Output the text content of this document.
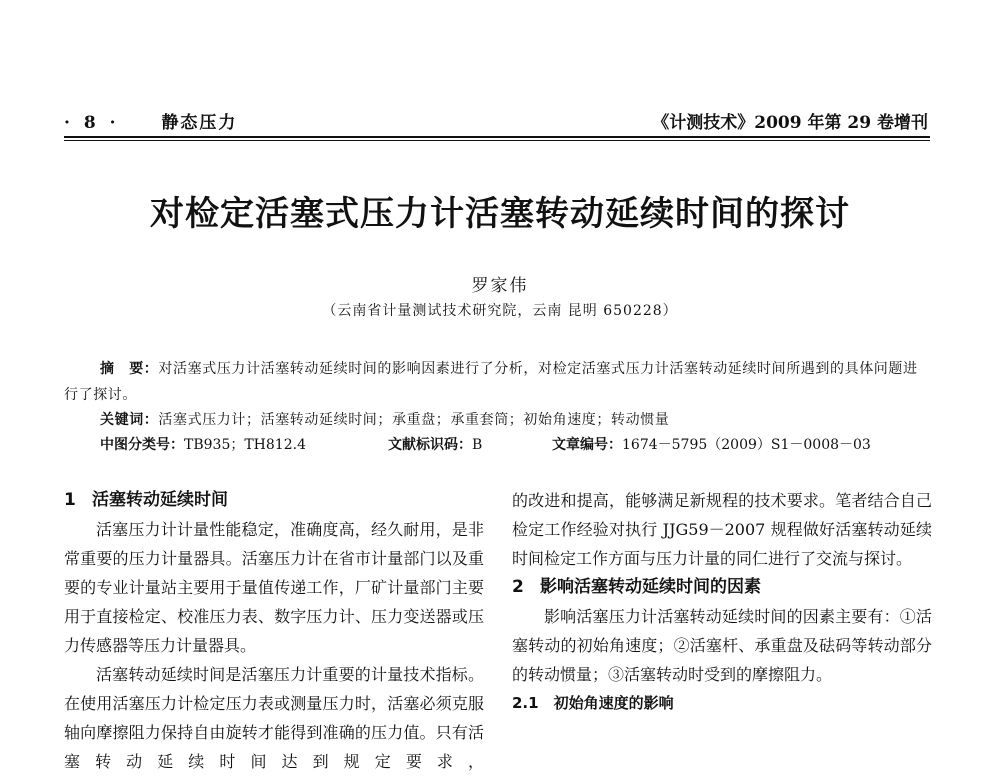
· 8 · 静态压力	《计测技术》2009 年第 29 卷增刊
对检定活塞式压力计活塞转动延续时间的探讨
罗家伟
（云南省计量测试技术研究院，云南 昆明 650228）
摘　要：对活塞式压力计活塞转动延续时间的影响因素进行了分析，对检定活塞式压力计活塞转动延续时间所遇到的具体问题进行了探讨。
关键词：活塞式压力计；活塞转动延续时间；承重盘；承重套筒；初始角速度；转动惯量
中图分类号：TB935；TH812.4	文献标识码：B	文章编号：1674－5795（2009）S1－0008－03
1 活塞转动延续时间

活塞压力计计量性能稳定，准确度高，经久耐用，是非常重要的压力计量器具。活塞压力计在省市计量部门以及重要的专业计量站主要用于量值传递工作，厂矿计量部门主要用于直接检定、校准压力表、数字压力计、压力变送器或压力传感器等压力计量器具。

活塞转动延续时间是活塞压力计重要的计量技术指标。在使用活塞压力计检定压力表或测量压力时，活塞必须克服轴向摩擦阻力保持自由旋转才能得到准确的压力值。只有活塞转动延续时间达到规定要求，

的改进和提高，能够满足新规程的技术要求。笔者结合自己检定工作经验对执行 JJG59－2007 规程做好活塞转动延续时间检定工作方面与压力计量的同仁进行了交流与探讨。

2 影响活塞转动延续时间的因素

影响活塞压力计活塞转动延续时间的因素主要有：①活塞转动的初始角速度；②活塞杆、承重盘及砝码等转动部分的转动惯量；③活塞转动时受到的摩擦阻力。

2.1　初始角速度的影响
